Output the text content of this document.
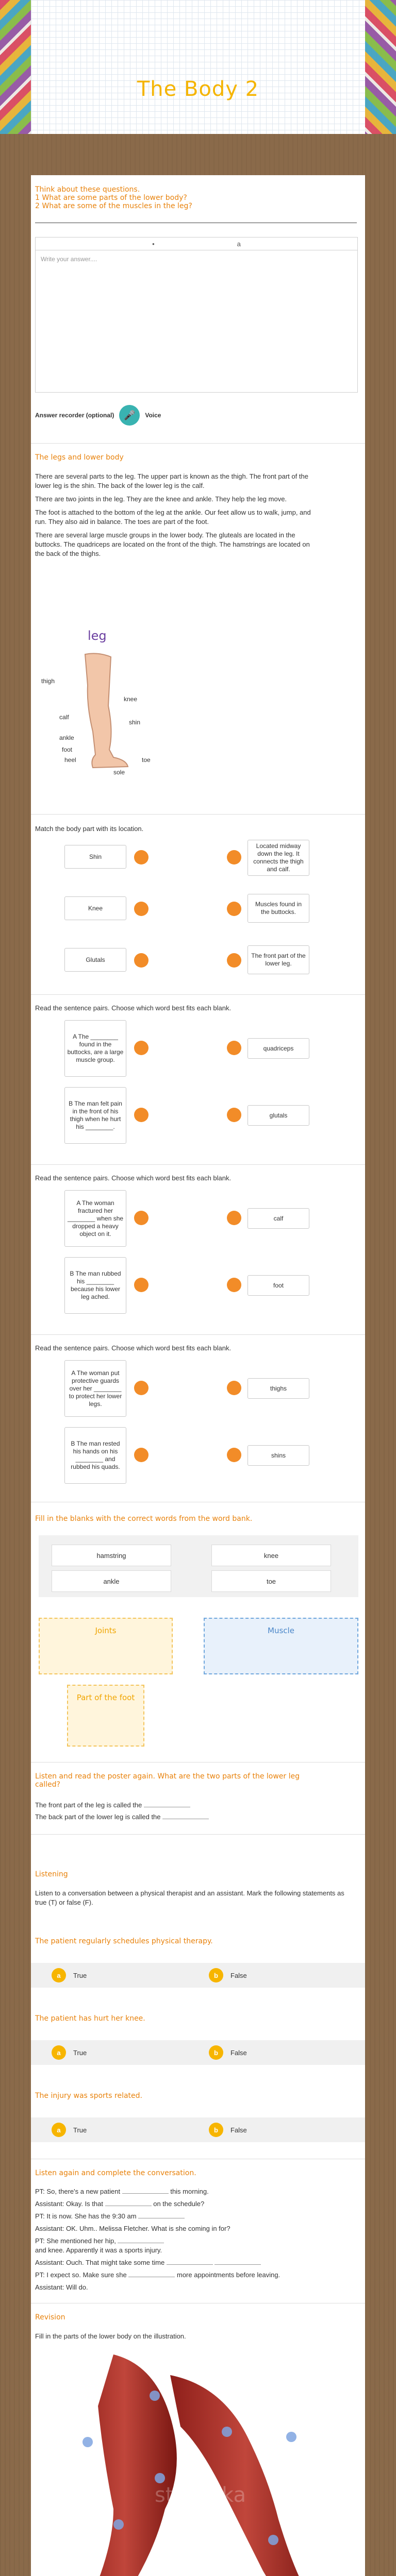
The Body 2
Think about these questions.
1 What are some parts of the lower body?
2 What are some of the muscles in the leg?
•	a
Write your answer....
Answer recorder (optional)	🎤	Voice
The legs and lower body

There are several parts to the leg. The upper part is known as the thigh. The front part of the lower leg is the shin. The back of the lower leg is the calf.

There are two joints in the leg. They are the knee and ankle. They help the leg move.

The foot is attached to the bottom of the leg at the ankle. Our feet allow us to walk, jump, and run. They also aid in balance. The toes are part of the foot.

There are several large muscle groups in the lower body. The gluteals are located in the buttocks. The quadriceps are located on the front of the thigh. The hamstrings are located on the back of the thighs.

leg
thigh
knee
calf
shin
ankle
foot
heel	toe
sole
Match the body part with its location.
Shin
Located midway down the leg. It connects the thigh and calf.
Knee
Muscles found in the buttocks.
Glutals
The front part of the lower leg.
Read the sentence pairs. Choose which word best fits each blank.
A The ________ found in the buttocks, are a large muscle group.
quadriceps
B The man felt pain in the front of his thigh when he hurt his ________.
glutals
Read the sentence pairs. Choose which word best fits each blank.
A The woman fractured her ________ when she dropped a heavy object on it.
calf
B The man rubbed his ________ because his lower leg ached.
foot
Read the sentence pairs. Choose which word best fits each blank.
A The woman put protective guards over her ________ to protect her lower legs.
thighs
B The man rested his hands on his ________ and rubbed his quads.
shins
Fill in the blanks with the correct words from the word bank.
hamstring	knee
ankle	toe
Joints	Muscle
Part of the foot
Listen and read the poster again. What are the two parts of the lower leg called?
The front part of the leg is called the
The back part of the lower leg is called the
Listening

Listen to a conversation between a physical therapist and an assistant. Mark the following statements as true (T) or false (F).

The patient regularly schedules physical therapy.
a	True	b	False
The patient has hurt her knee.
a	True	b	False
The injury was sports related.
a	True	b	False
Listen again and complete the conversation.
PT: So, there's a new patient	this morning.
Assistant: Okay. Is that	on the schedule?
PT: It is now. She has the 9:30 am
Assistant: OK. Uhm.. Melissa Fletcher. What is she coming in for?
PT: She mentioned her hip,
and knee. Apparently it was a sports injury.
Assistant: Ouch. That might take some time
PT: I expect so. Make sure she	more appointments before leaving.
Assistant: Will do.
Revision

Fill in the parts of the lower body on the illustration.

stylistika
